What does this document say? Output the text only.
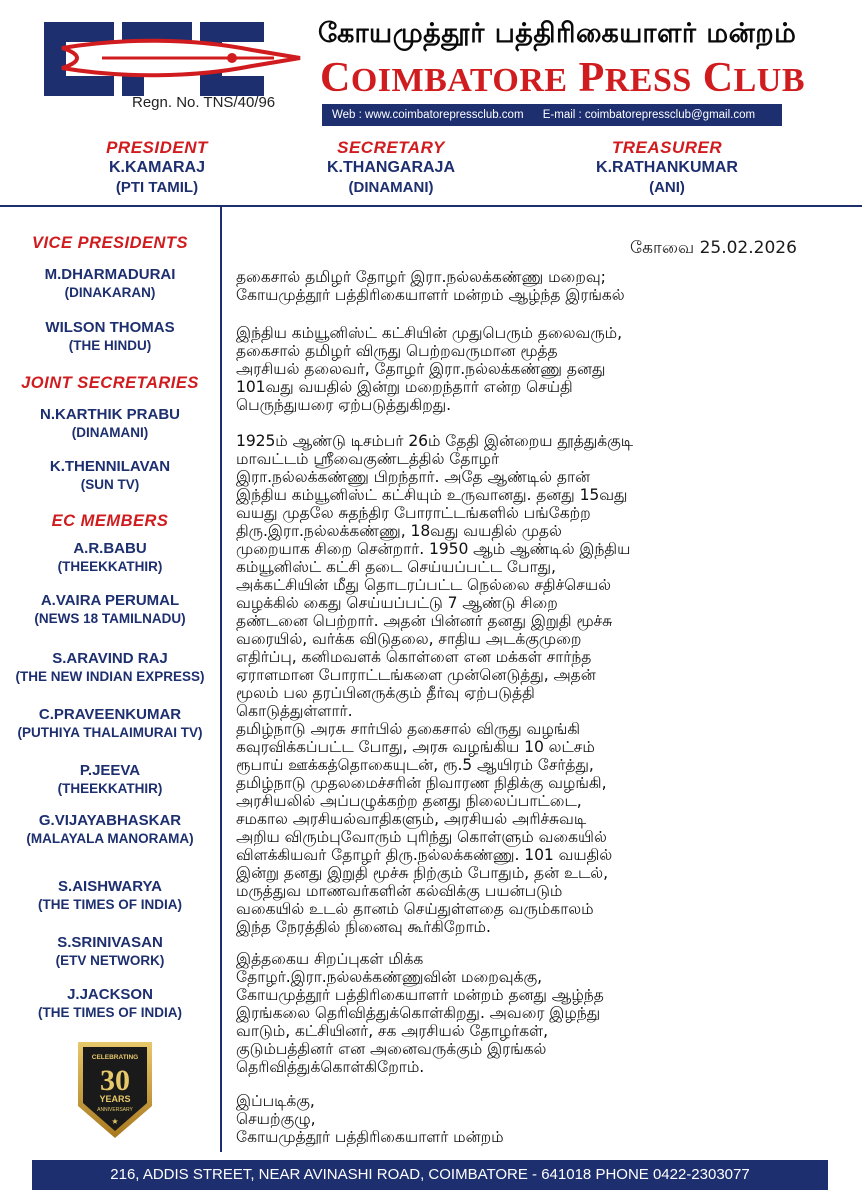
Regn. No. TNS/40/96
கோயமுத்தூர் பத்திரிகையாளர் மன்றம்
COIMBATORE PRESS CLUB
Web : www.coimbatorepressclub.com E-mail : coimbatorepressclub@gmail.com
PRESIDENT
K.KAMARAJ
(PTI TAMIL)
SECRETARY
K.THANGARAJA
(DINAMANI)
TREASURER
K.RATHANKUMAR
(ANI)
VICE PRESIDENTS
M.DHARMADURAI
(DINAKARAN)
WILSON THOMAS
(THE HINDU)
JOINT SECRETARIES
N.KARTHIK PRABU
(DINAMANI)
K.THENNILAVAN
(SUN TV)
EC MEMBERS
A.R.BABU
(THEEKKATHIR)
A.VAIRA PERUMAL
(NEWS 18 TAMILNADU)
S.ARAVIND RAJ
(THE NEW INDIAN EXPRESS)
C.PRAVEENKUMAR
(PUTHIYA THALAIMURAI TV)
P.JEEVA
(THEEKKATHIR)
G.VIJAYABHASKAR
(MALAYALA MANORAMA)
S.AISHWARYA
(THE TIMES OF INDIA)
S.SRINIVASAN
(ETV NETWORK)
J.JACKSON
(THE TIMES OF INDIA)
CELEBRATING
30
YEARS
ANNIVERSARY
★
கோவை 25.02.2026

தகைசால் தமிழர் தோழர் இரா.நல்லக்கண்ணு மறைவு;
கோயமுத்தூர் பத்திரிகையாளர் மன்றம் ஆழ்ந்த இரங்கல்

இந்திய கம்யூனிஸ்ட் கட்சியின் முதுபெரும் தலைவரும்,
தகைசால் தமிழர் விருது பெற்றவருமான மூத்த
அரசியல் தலைவர், தோழர் இரா.நல்லக்கண்ணு தனது
101வது வயதில் இன்று மறைந்தார் என்ற செய்தி
பெருந்துயரை ஏற்படுத்துகிறது.

1925ம் ஆண்டு டிசம்பர் 26ம் தேதி இன்றைய தூத்துக்குடி
மாவட்டம் ஸ்ரீவைகுண்டத்தில் தோழர்
இரா.நல்லக்கண்ணு பிறந்தார். அதே ஆண்டில் தான்
இந்திய கம்யூனிஸ்ட் கட்சியும் உருவானது. தனது 15வது
வயது முதலே சுதந்திர போராட்டங்களில் பங்கேற்ற
திரு.இரா.நல்லக்கண்ணு, 18வது வயதில் முதல்
முறையாக சிறை சென்றார். 1950 ஆம் ஆண்டில் இந்திய
கம்யூனிஸ்ட் கட்சி தடை செய்யப்பட்ட போது,
அக்கட்சியின் மீது தொடரப்பட்ட நெல்லை சதிச்செயல்
வழக்கில் கைது செய்யப்பட்டு 7 ஆண்டு சிறை
தண்டனை பெற்றார். அதன் பின்னர் தனது இறுதி மூச்சு
வரையில், வர்க்க விடுதலை, சாதிய அடக்குமுறை
எதிர்ப்பு, கனிமவளக் கொள்ளை என மக்கள் சார்ந்த
ஏராளமான போராட்டங்களை முன்னெடுத்து, அதன்
மூலம் பல தரப்பினருக்கும் தீர்வு ஏற்படுத்தி
கொடுத்துள்ளார்.

தமிழ்நாடு அரசு சார்பில் தகைசால் விருது வழங்கி
கவுரவிக்கப்பட்ட போது, அரசு வழங்கிய 10 லட்சம்
ரூபாய் ஊக்கத்தொகையுடன், ரூ.5 ஆயிரம் சேர்த்து,
தமிழ்நாடு முதலமைச்சரின் நிவாரண நிதிக்கு வழங்கி,
அரசியலில் அப்பழுக்கற்ற தனது நிலைப்பாட்டை,
சமகால அரசியல்வாதிகளும், அரசியல் அரிச்சுவடி
அறிய விரும்புவோரும் புரிந்து கொள்ளும் வகையில்
விளக்கியவர் தோழர் திரு.நல்லக்கண்ணு. 101 வயதில்
இன்று தனது இறுதி மூச்சு நிற்கும் போதும், தன் உடல்,
மருத்துவ மாணவர்களின் கல்விக்கு பயன்படும்
வகையில் உடல் தானம் செய்துள்ளதை வரும்காலம்
இந்த நேரத்தில் நினைவு கூர்கிறோம்.

இத்தகைய சிறப்புகள் மிக்க
தோழர்.இரா.நல்லக்கண்ணுவின் மறைவுக்கு,
கோயமுத்தூர் பத்திரிகையாளர் மன்றம் தனது ஆழ்ந்த
இரங்கலை தெரிவித்துக்கொள்கிறது. அவரை இழந்து
வாடும், கட்சியினர், சக அரசியல் தோழர்கள்,
குடும்பத்தினர் என அனைவருக்கும் இரங்கல்
தெரிவித்துக்கொள்கிறோம்.

இப்படிக்கு,
செயற்குழு,
கோயமுத்தூர் பத்திரிகையாளர் மன்றம்

216, ADDIS STREET, NEAR AVINASHI ROAD, COIMBATORE - 641018 PHONE 0422-2303077
